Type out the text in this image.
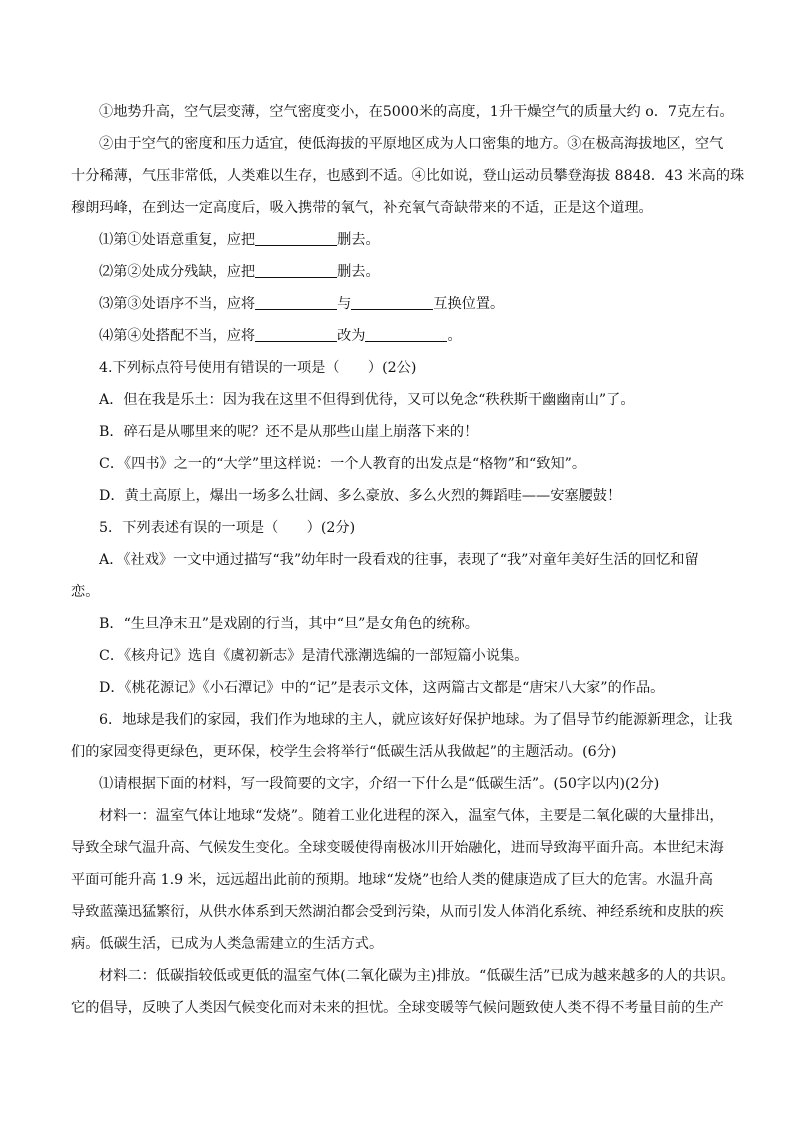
①地势升高，空气层变薄，空气密度变小，在5000米的高度，1升干燥空气的质量大约 o．7克左右。
②由于空气的密度和压力适宜，使低海拔的平原地区成为人口密集的地方。③在极高海拔地区，空气
十分稀薄，气压非常低，人类难以生存，也感到不适。④比如说，登山运动员攀登海拔 8848．43 米高的珠
穆朗玛峰，在到达一定高度后，吸入携带的氧气，补充氧气奇缺带来的不适，正是这个道理。
⑴第①处语意重复，应把	删去。
⑵第②处成分残缺，应把	删去。
⑶第③处语序不当，应将	与	互换位置。
⑷第④处搭配不当，应将	改为	。
4.下列标点符号使用有错误的一项是（　　）(2公)
A．但在我是乐土：因为我在这里不但得到优待，又可以免念“秩秩斯干幽幽南山”了。
B．碎石是从哪里来的呢？还不是从那些山崖上崩落下来的！
C．《四书》之一的“大学”里这样说：一个人教育的出发点是“格物”和“致知”。
D．黄土高原上，爆出一场多么壮阔、多么豪放、多么火烈的舞蹈哇——安塞腰鼓！
5．下列表述有误的一项是（　　）(2分)
A．《社戏》一文中通过描写“我”幼年时一段看戏的往事，表现了“我”对童年美好生活的回忆和留
恋。
B．“生旦净末丑”是戏剧的行当，其中“旦”是女角色的统称。
C．《核舟记》选自《虞初新志》是清代涨潮选编的一部短篇小说集。
D．《桃花源记》《小石潭记》中的“记”是表示文体，这两篇古文都是“唐宋八大家”的作品。
6．地球是我们的家园，我们作为地球的主人，就应该好好保护地球。为了倡导节约能源新理念，让我
们的家园变得更绿色，更环保，校学生会将举行“低碳生活从我做起”的主题活动。(6分)
⑴请根据下面的材料，写一段简要的文字，介绍一下什么是“低碳生活”。(50字以内)(2分)
材料一：温室气体让地球“发烧”。随着工业化进程的深入，温室气体，主要是二氧化碳的大量排出，
导致全球气温升高、气候发生变化。全球变暖使得南极冰川开始融化，进而导致海平面升高。本世纪末海
平面可能升高 1.9 米，远远超出此前的预期。地球“发烧”也给人类的健康造成了巨大的危害。水温升高
导致蓝藻迅猛繁衍，从供水体系到天然湖泊都会受到污染，从而引发人体消化系统、神经系统和皮肤的疾
病。低碳生活，已成为人类急需建立的生活方式。
材料二：低碳指较低或更低的温室气体(二氧化碳为主)排放。“低碳生活”已成为越来越多的人的共识。
它的倡导，反映了人类因气候变化而对未来的担忧。全球变暖等气候问题致使人类不得不考量目前的生产
